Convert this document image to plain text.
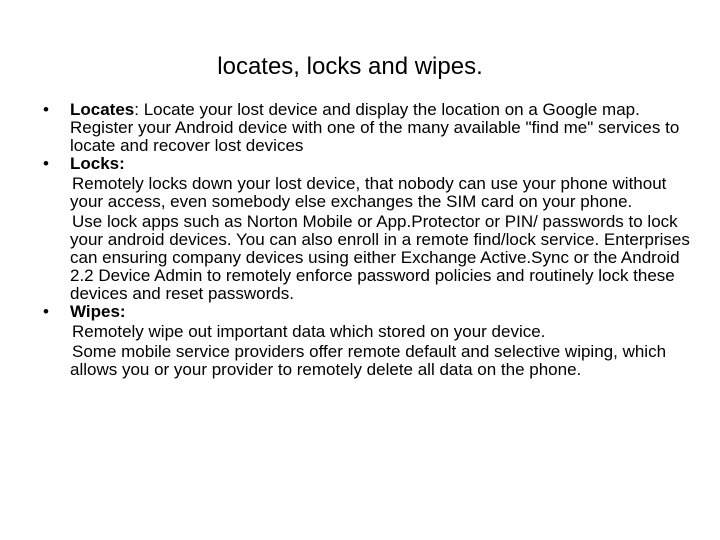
locates, locks and wipes.
• Locates: Locate your lost device and display the location on a Google map. Register your Android device with one of the many available "find me" services to locate and recover lost devices
• Locks:
Remotely locks down your lost device, that nobody can use your phone without your access, even somebody else exchanges the SIM card on your phone.
Use lock apps such as Norton Mobile or App.Protector or PIN/ passwords to lock your android devices. You can also enroll in a remote find/lock service. Enterprises can ensuring company devices using either Exchange Active.Sync or the Android 2.2 Device Admin to remotely enforce password policies and routinely lock these devices and reset passwords.
• Wipes:
Remotely wipe out important data which stored on your device.
Some mobile service providers offer remote default and selective wiping, which allows you or your provider to remotely delete all data on the phone.
